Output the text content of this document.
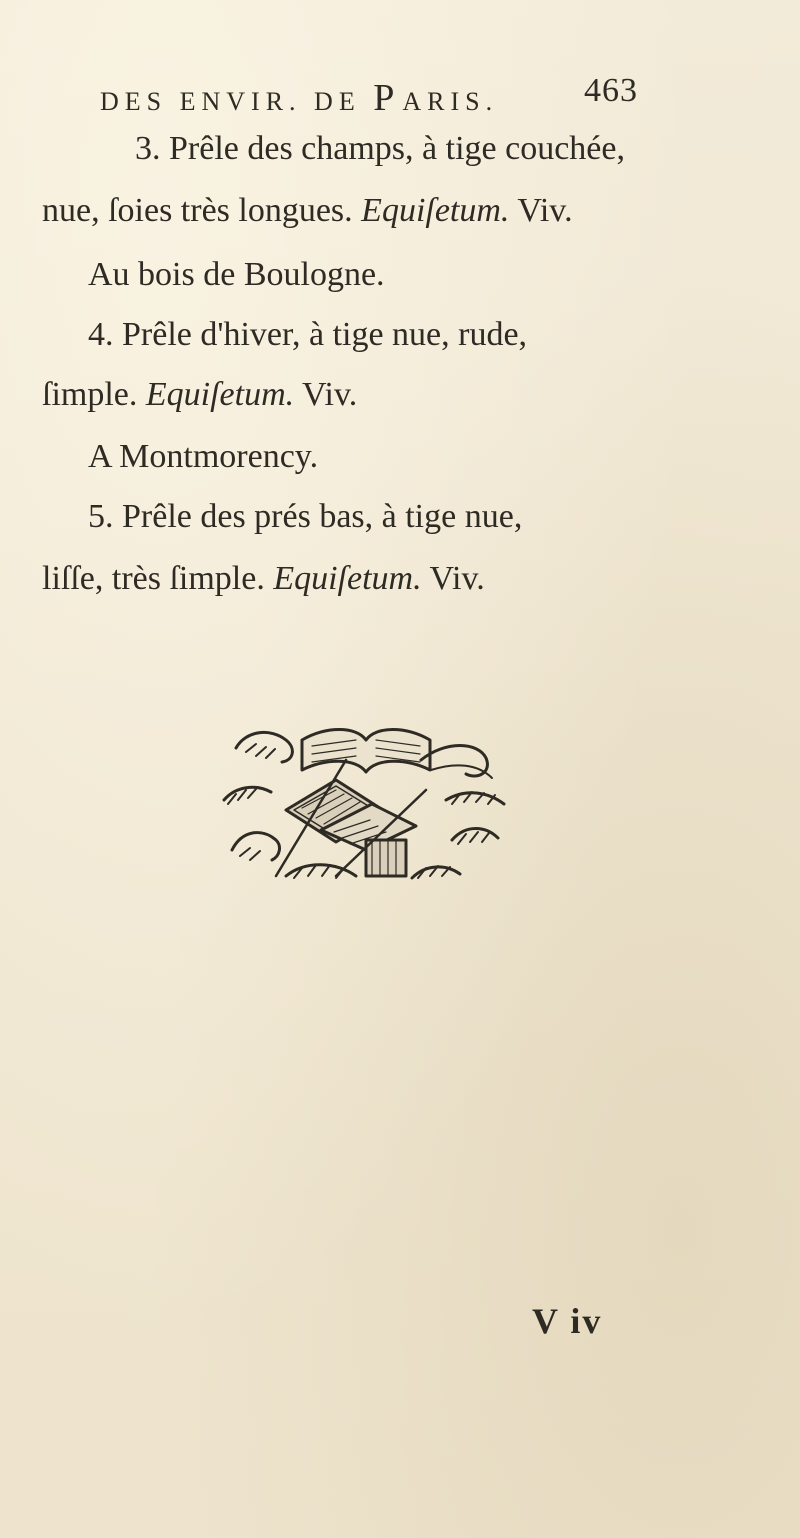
DES ENVIR. DE PARIS.	463
3. Prêle des champs, à tige couchée,
nue, ſoies très longues. Equiſetum. Viv.
Au bois de Boulogne.
4. Prêle d'hiver, à tige nue, rude,
ſimple. Equiſetum. Viv.
A Montmorency.
5. Prêle des prés bas, à tige nue,
liſſe, très ſimple. Equiſetum. Viv.
V iv
